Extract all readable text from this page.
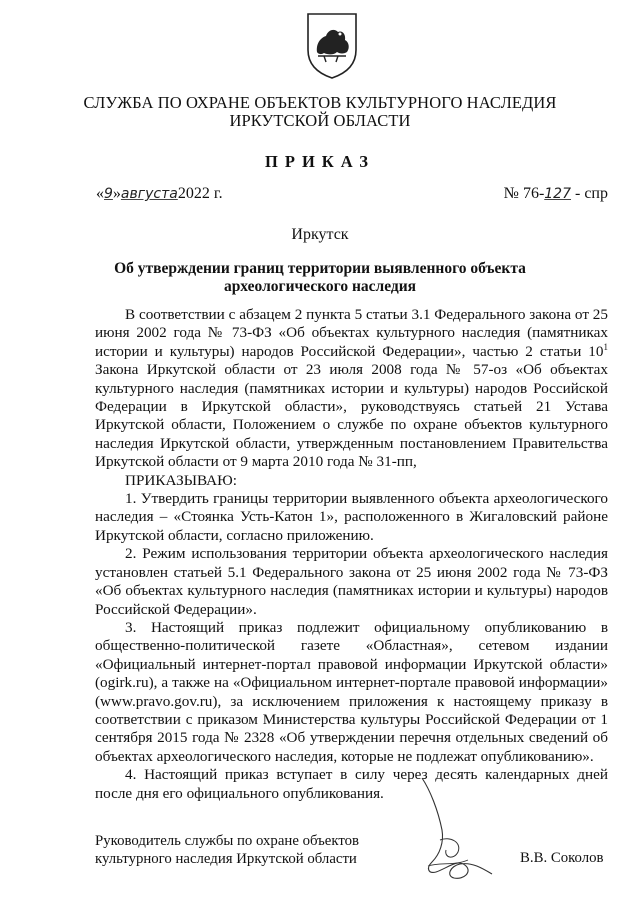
СЛУЖБА ПО ОХРАНЕ ОБЪЕКТОВ КУЛЬТУРНОГО НАСЛЕДИЯ
ИРКУТСКОЙ ОБЛАСТИ
ПРИКАЗ
«9»августа2022 г.	№ 76-127 - спр
Иркутск
Об утверждении границ территории выявленного объекта
археологического наследия

В соответствии с абзацем 2 пункта 5 статьи 3.1 Федерального закона от 25 июня 2002 года № 73-ФЗ «Об объектах культурного наследия (памятниках истории и культуры) народов Российской Федерации», частью 2 статьи $10^1$ Закона Иркутской области от 23 июля 2008 года № 57-оз «Об объектах культурного наследия (памятниках истории и культуры) народов Российской Федерации в Иркутской области», руководствуясь статьей 21 Устава Иркутской области, Положением о службе по охране объектов культурного наследия Иркутской области, утвержденным постановлением Правительства Иркутской области от 9 марта 2010 года № 31-пп,

ПРИКАЗЫВАЮ:

1. Утвердить границы территории выявленного объекта археологического наследия – «Стоянка Усть-Катон 1», расположенного в Жигаловский районе Иркутской области, согласно приложению.

2. Режим использования территории объекта археологического наследия установлен статьей 5.1 Федерального закона от 25 июня 2002 года № 73-ФЗ «Об объектах культурного наследия (памятниках истории и культуры) народов Российской Федерации».

3. Настоящий приказ подлежит официальному опубликованию в общественно-политической газете «Областная», сетевом издании «Официальный интернет-портал правовой информации Иркутской области» (ogirk.ru), а также на «Официальном интернет-портале правовой информации» (www.pravo.gov.ru), за исключением приложения к настоящему приказу в соответствии с приказом Министерства культуры Российской Федерации от 1 сентября 2015 года № 2328 «Об утверждении перечня отдельных сведений об объектах археологического наследия, которые не подлежат опубликованию».

4. Настоящий приказ вступает в силу через десять календарных дней после дня его официального опубликования.

Руководитель службы по охране объектов
культурного наследия Иркутской области	В.В. Соколов
